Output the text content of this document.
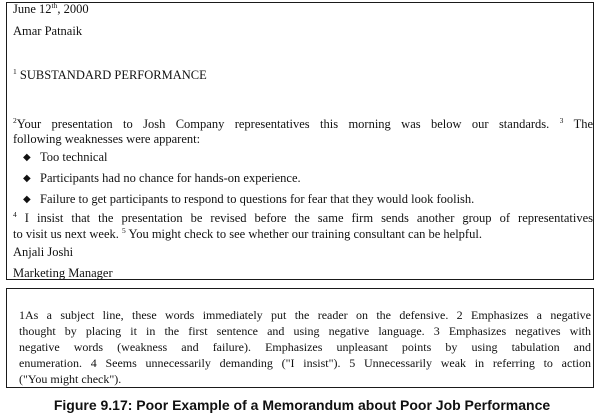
June 12th, 2000
Amar Patnaik
$^1$ SUBSTANDARD PERFORMANCE
$^2$Your presentation to Josh Company representatives this morning was below our standards. $^3$ The
following weaknesses were apparent:
◆ Too technical
◆ Participants had no chance for hands-on experience.
◆ Failure to get participants to respond to questions for fear that they would look foolish.
$^4$ I insist that the presentation be revised before the same firm sends another group of representatives
to visit us next week. $^5$ You might check to see whether our training consultant can be helpful.
Anjali Joshi
Marketing Manager
1As a subject line, these words immediately put the reader on the defensive. 2 Emphasizes a negative
thought by placing it in the first sentence and using negative language. 3 Emphasizes negatives with
negative words (weakness and failure). Emphasizes unpleasant points by using tabulation and
enumeration. 4 Seems unnecessarily demanding ("I insist"). 5 Unnecessarily weak in referring to action
("You might check").
Figure 9.17: Poor Example of a Memorandum about Poor Job Performance
